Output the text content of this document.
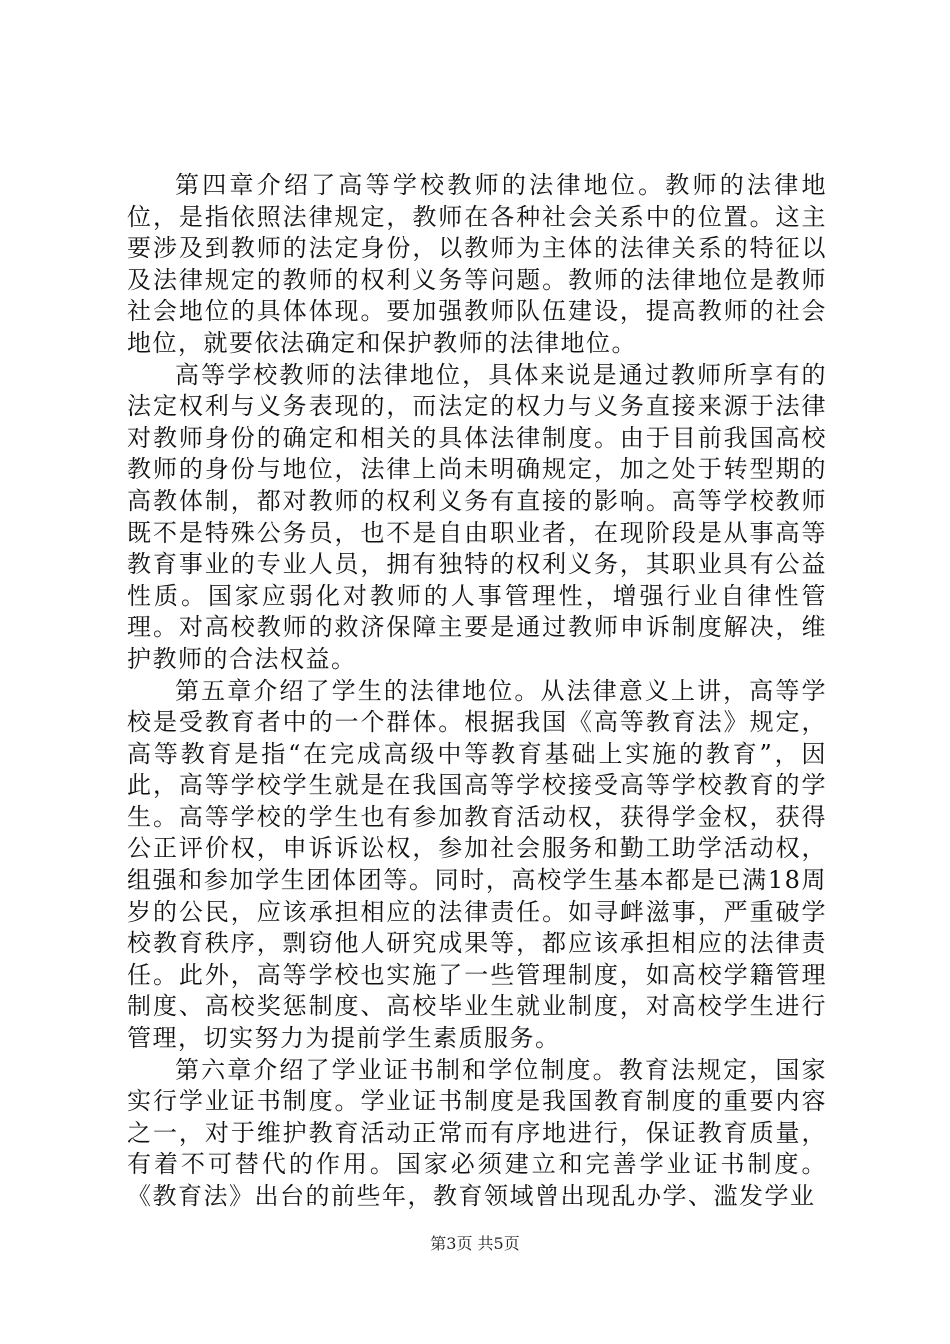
第四章介绍了高等学校教师的法律地位。教师的法律地位，是指依照法律规定，教师在各种社会关系中的位置。这主要涉及到教师的法定身份，以教师为主体的法律关系的特征以及法律规定的教师的权利义务等问题。教师的法律地位是教师社会地位的具体体现。要加强教师队伍建设，提高教师的社会地位，就要依法确定和保护教师的法律地位。

高等学校教师的法律地位，具体来说是通过教师所享有的法定权利与义务表现的，而法定的权力与义务直接来源于法律对教师身份的确定和相关的具体法律制度。由于目前我国高校教师的身份与地位，法律上尚未明确规定，加之处于转型期的高教体制，都对教师的权利义务有直接的影响。高等学校教师既不是特殊公务员，也不是自由职业者，在现阶段是从事高等教育事业的专业人员，拥有独特的权利义务，其职业具有公益性质。国家应弱化对教师的人事管理性，增强行业自律性管理。对高校教师的救济保障主要是通过教师申诉制度解决，维护教师的合法权益。

第五章介绍了学生的法律地位。从法律意义上讲，高等学校是受教育者中的一个群体。根据我国《高等教育法》规定，高等教育是指“在完成高级中等教育基础上实施的教育”，因此，高等学校学生就是在我国高等学校接受高等学校教育的学生。高等学校的学生也有参加教育活动权，获得学金权，获得公正评价权，申诉诉讼权，参加社会服务和勤工助学活动权，组强和参加学生团体团等。同时，高校学生基本都是已满18周岁的公民，应该承担相应的法律责任。如寻衅滋事，严重破学校教育秩序，剽窃他人研究成果等，都应该承担相应的法律责任。此外，高等学校也实施了一些管理制度，如高校学籍管理制度、高校奖惩制度、高校毕业生就业制度，对高校学生进行管理，切实努力为提前学生素质服务。

第六章介绍了学业证书制和学位制度。教育法规定，国家实行学业证书制度。学业证书制度是我国教育制度的重要内容之一，对于维护教育活动正常而有序地进行，保证教育质量，有着不可替代的作用。国家必须建立和完善学业证书制度。《教育法》出台的前些年，教育领域曾出现乱办学、滥发学业

第3页 共5页
